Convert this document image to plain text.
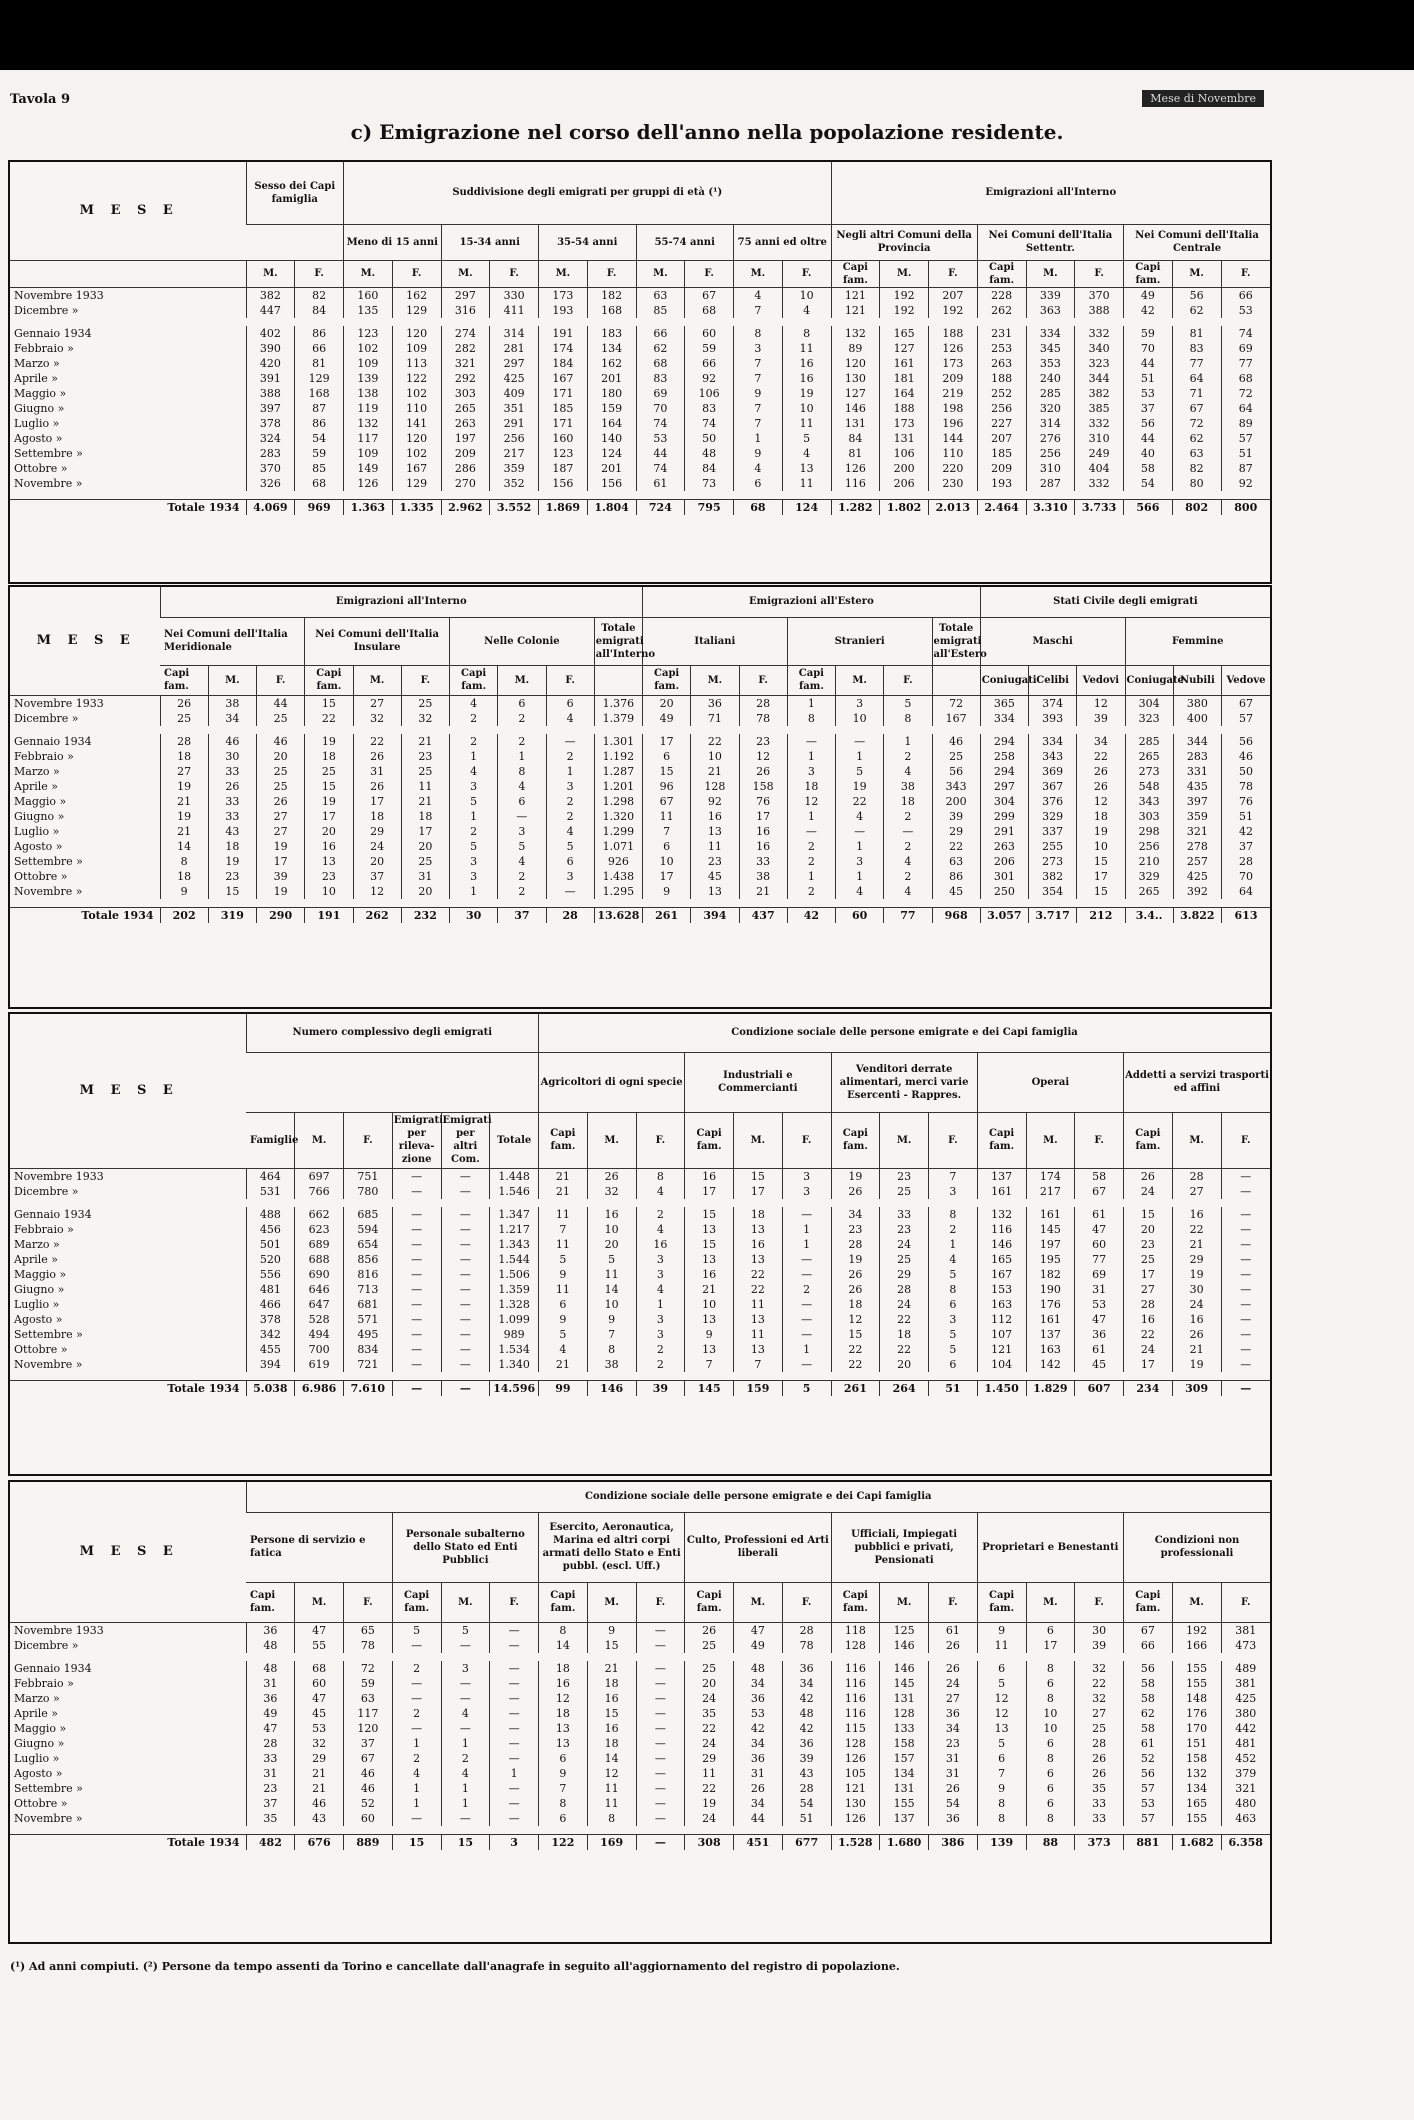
Tavola 9	Mese di Novembre
c) Emigrazione nel corso dell'anno nella popolazione residente.
M E S E	Sesso dei Capi famiglia		Suddivisione degli emigrati per gruppi di età (¹)										Emigrazioni all'Interno								
			Meno di 15 anni		15-34 anni		35-54 anni		55-74 anni		75 anni ed oltre		Negli altri Comuni della Provincia			Nei Comuni dell'Italia Settentr.			Nei Comuni dell'Italia Centrale		
	M.	F.	M.	F.	M.	F.	M.	F.	M.	F.	M.	F.	Capi fam.	M.	F.	Capi fam.	M.	F.	Capi fam.	M.	F.
Novembre 1933	382	82	160	162	297	330	173	182	63	67	4	10	121	192	207	228	339	370	49	56	66
Dicembre »	447	84	135	129	316	411	193	168	85	68	7	4	121	192	192	262	363	388	42	62	53

Gennaio 1934	402	86	123	120	274	314	191	183	66	60	8	8	132	165	188	231	334	332	59	81	74
Febbraio »	390	66	102	109	282	281	174	134	62	59	3	11	89	127	126	253	345	340	70	83	69
Marzo »	420	81	109	113	321	297	184	162	68	66	7	16	120	161	173	263	353	323	44	77	77
Aprile »	391	129	139	122	292	425	167	201	83	92	7	16	130	181	209	188	240	344	51	64	68
Maggio »	388	168	138	102	303	409	171	180	69	106	9	19	127	164	219	252	285	382	53	71	72
Giugno »	397	87	119	110	265	351	185	159	70	83	7	10	146	188	198	256	320	385	37	67	64
Luglio »	378	86	132	141	263	291	171	164	74	74	7	11	131	173	196	227	314	332	56	72	89
Agosto »	324	54	117	120	197	256	160	140	53	50	1	5	84	131	144	207	276	310	44	62	57
Settembre »	283	59	109	102	209	217	123	124	44	48	9	4	81	106	110	185	256	249	40	63	51
Ottobre »	370	85	149	167	286	359	187	201	74	84	4	13	126	200	220	209	310	404	58	82	87
Novembre »	326	68	126	129	270	352	156	156	61	73	6	11	116	206	230	193	287	332	54	80	92

Totale 1934	4.069	969	1.363	1.335	2.962	3.552	1.869	1.804	724	795	68	124	1.282	1.802	2.013	2.464	3.310	3.733	566	802	800
M E S E	Emigrazioni all'Interno										Emigrazioni all'Estero							Stati Civile degli emigrati					
	Nei Comuni dell'Italia Meridionale			Nei Comuni dell'Italia Insulare			Nelle Colonie			Totale emigrati all'Interno	Italiani			Stranieri			Totale emigrati all'Estero	Maschi			Femmine		
	Capi fam.	M.	F.	Capi fam.	M.	F.	Capi fam.	M.	F.		Capi fam.	M.	F.	Capi fam.	M.	F.		Coniugati	Celibi	Vedovi	Coniugate	Nubili	Vedove
Novembre 1933	26	38	44	15	27	25	4	6	6	1.376	20	36	28	1	3	5	72	365	374	12	304	380	67
Dicembre »	25	34	25	22	32	32	2	2	4	1.379	49	71	78	8	10	8	167	334	393	39	323	400	57

Gennaio 1934	28	46	46	19	22	21	2	2	—	1.301	17	22	23	—	—	1	46	294	334	34	285	344	56
Febbraio »	18	30	20	18	26	23	1	1	2	1.192	6	10	12	1	1	2	25	258	343	22	265	283	46
Marzo »	27	33	25	25	31	25	4	8	1	1.287	15	21	26	3	5	4	56	294	369	26	273	331	50
Aprile »	19	26	25	15	26	11	3	4	3	1.201	96	128	158	18	19	38	343	297	367	26	548	435	78
Maggio »	21	33	26	19	17	21	5	6	2	1.298	67	92	76	12	22	18	200	304	376	12	343	397	76
Giugno »	19	33	27	17	18	18	1	—	2	1.320	11	16	17	1	4	2	39	299	329	18	303	359	51
Luglio »	21	43	27	20	29	17	2	3	4	1.299	7	13	16	—	—	—	29	291	337	19	298	321	42
Agosto »	14	18	19	16	24	20	5	5	5	1.071	6	11	16	2	1	2	22	263	255	10	256	278	37
Settembre »	8	19	17	13	20	25	3	4	6	926	10	23	33	2	3	4	63	206	273	15	210	257	28
Ottobre »	18	23	39	23	37	31	3	2	3	1.438	17	45	38	1	1	2	86	301	382	17	329	425	70
Novembre »	9	15	19	10	12	20	1	2	—	1.295	9	13	21	2	4	4	45	250	354	15	265	392	64

Totale 1934	202	319	290	191	262	232	30	37	28	13.628	261	394	437	42	60	77	968	3.057	3.717	212	3.4..	3.822	613
M E S E	Numero complessivo degli emigrati						Condizione sociale delle persone emigrate e dei Capi famiglia														
							Agricoltori di ogni specie			Industriali e Commercianti			Venditori derrate alimentari, merci varie Esercenti - Rappres.			Operai			Addetti a servizi trasporti ed affini		
	Famiglie	M.	F.	Emigrati per rileva- zione	Emigrati per altri Com.	Totale	Capi fam.	M.	F.	Capi fam.	M.	F.	Capi fam.	M.	F.	Capi fam.	M.	F.	Capi fam.	M.	F.
Novembre 1933	464	697	751	—	—	1.448	21	26	8	16	15	3	19	23	7	137	174	58	26	28	—
Dicembre »	531	766	780	—	—	1.546	21	32	4	17	17	3	26	25	3	161	217	67	24	27	—

Gennaio 1934	488	662	685	—	—	1.347	11	16	2	15	18	—	34	33	8	132	161	61	15	16	—
Febbraio »	456	623	594	—	—	1.217	7	10	4	13	13	1	23	23	2	116	145	47	20	22	—
Marzo »	501	689	654	—	—	1.343	11	20	16	15	16	1	28	24	1	146	197	60	23	21	—
Aprile »	520	688	856	—	—	1.544	5	5	3	13	13	—	19	25	4	165	195	77	25	29	—
Maggio »	556	690	816	—	—	1.506	9	11	3	16	22	—	26	29	5	167	182	69	17	19	—
Giugno »	481	646	713	—	—	1.359	11	14	4	21	22	2	26	28	8	153	190	31	27	30	—
Luglio »	466	647	681	—	—	1.328	6	10	1	10	11	—	18	24	6	163	176	53	28	24	—
Agosto »	378	528	571	—	—	1.099	9	9	3	13	13	—	12	22	3	112	161	47	16	16	—
Settembre »	342	494	495	—	—	989	5	7	3	9	11	—	15	18	5	107	137	36	22	26	—
Ottobre »	455	700	834	—	—	1.534	4	8	2	13	13	1	22	22	5	121	163	61	24	21	—
Novembre »	394	619	721	—	—	1.340	21	38	2	7	7	—	22	20	6	104	142	45	17	19	—

Totale 1934	5.038	6.986	7.610	—	—	14.596	99	146	39	145	159	5	261	264	51	1.450	1.829	607	234	309	—
M E S E	Condizione sociale delle persone emigrate e dei Capi famiglia																				
	Persone di servizio e fatica			Personale subalterno dello Stato ed Enti Pubblici			Esercito, Aeronautica, Marina ed altri corpi armati dello Stato e Enti pubbl. (escl. Uff.)			Culto, Professioni ed Arti liberali			Ufficiali, Impiegati pubblici e privati, Pensionati			Proprietari e Benestanti			Condizioni non professionali		
	Capi fam.	M.	F.	Capi fam.	M.	F.	Capi fam.	M.	F.	Capi fam.	M.	F.	Capi fam.	M.	F.	Capi fam.	M.	F.	Capi fam.	M.	F.
Novembre 1933	36	47	65	5	5	—	8	9	—	26	47	28	118	125	61	9	6	30	67	192	381
Dicembre »	48	55	78	—	—	—	14	15	—	25	49	78	128	146	26	11	17	39	66	166	473

Gennaio 1934	48	68	72	2	3	—	18	21	—	25	48	36	116	146	26	6	8	32	56	155	489
Febbraio »	31	60	59	—	—	—	16	18	—	20	34	34	116	145	24	5	6	22	58	155	381
Marzo »	36	47	63	—	—	—	12	16	—	24	36	42	116	131	27	12	8	32	58	148	425
Aprile »	49	45	117	2	4	—	18	15	—	35	53	48	116	128	36	12	10	27	62	176	380
Maggio »	47	53	120	—	—	—	13	16	—	22	42	42	115	133	34	13	10	25	58	170	442
Giugno »	28	32	37	1	1	—	13	18	—	24	34	36	128	158	23	5	6	28	61	151	481
Luglio »	33	29	67	2	2	—	6	14	—	29	36	39	126	157	31	6	8	26	52	158	452
Agosto »	31	21	46	4	4	1	9	12	—	11	31	43	105	134	31	7	6	26	56	132	379
Settembre »	23	21	46	1	1	—	7	11	—	22	26	28	121	131	26	9	6	35	57	134	321
Ottobre »	37	46	52	1	1	—	8	11	—	19	34	54	130	155	54	8	6	33	53	165	480
Novembre »	35	43	60	—	—	—	6	8	—	24	44	51	126	137	36	8	8	33	57	155	463

Totale 1934	482	676	889	15	15	3	122	169	—	308	451	677	1.528	1.680	386	139	88	373	881	1.682	6.358
(¹) Ad anni compiuti. (²) Persone da tempo assenti da Torino e cancellate dall'anagrafe in seguito all'aggiornamento del registro di popolazione.
